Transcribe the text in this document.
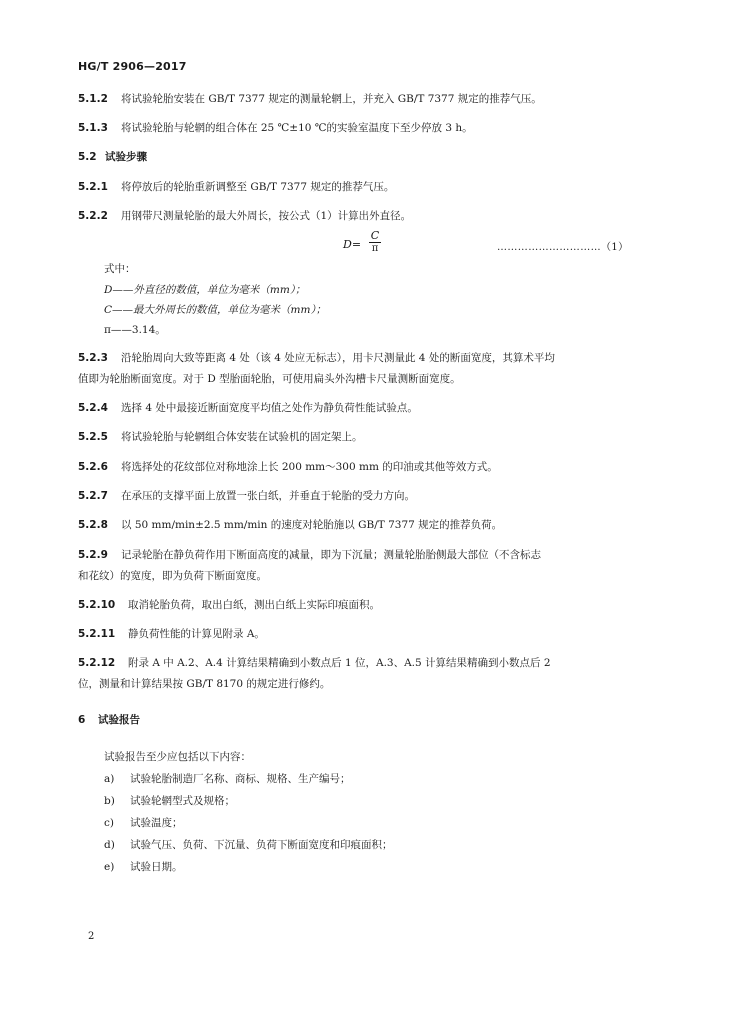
HG/T 2906—2017
5.1.2 将试验轮胎安装在 GB/T 7377 规定的测量轮辋上，并充入 GB/T 7377 规定的推荐气压。
5.1.3 将试验轮胎与轮辋的组合体在 25 ℃±10 ℃的实验室温度下至少停放 3 h。
5.2 试验步骤
5.2.1 将停放后的轮胎重新调整至 GB/T 7377 规定的推荐气压。
5.2.2 用钢带尺测量轮胎的最大外周长，按公式（1）计算出外直径。
D=
C
π	…………………………（1）
式中：
D——外直径的数值，单位为毫米（mm）；
C——最大外周长的数值，单位为毫米（mm）；
π——3.14。
5.2.3 沿轮胎周向大致等距离 4 处（该 4 处应无标志），用卡尺测量此 4 处的断面宽度，其算术平均
值即为轮胎断面宽度。对于 D 型胎面轮胎，可使用扁头外沟槽卡尺量测断面宽度。
5.2.4 选择 4 处中最接近断面宽度平均值之处作为静负荷性能试验点。
5.2.5 将试验轮胎与轮辋组合体安装在试验机的固定架上。
5.2.6 将选择处的花纹部位对称地涂上长 200 mm～300 mm 的印油或其他等效方式。
5.2.7 在承压的支撑平面上放置一张白纸，并垂直于轮胎的受力方向。
5.2.8 以 50 mm/min±2.5 mm/min 的速度对轮胎施以 GB/T 7377 规定的推荐负荷。
5.2.9 记录轮胎在静负荷作用下断面高度的减量，即为下沉量；测量轮胎胎侧最大部位（不含标志
和花纹）的宽度，即为负荷下断面宽度。
5.2.10 取消轮胎负荷，取出白纸，测出白纸上实际印痕面积。
5.2.11 静负荷性能的计算见附录 A。
5.2.12 附录 A 中 A.2、A.4 计算结果精确到小数点后 1 位，A.3、A.5 计算结果精确到小数点后 2
位，测量和计算结果按 GB/T 8170 的规定进行修约。
6 试验报告
试验报告至少应包括以下内容：
a) 试验轮胎制造厂名称、商标、规格、生产编号；
b) 试验轮辋型式及规格；
c) 试验温度；
d) 试验气压、负荷、下沉量、负荷下断面宽度和印痕面积；
e) 试验日期。
2
